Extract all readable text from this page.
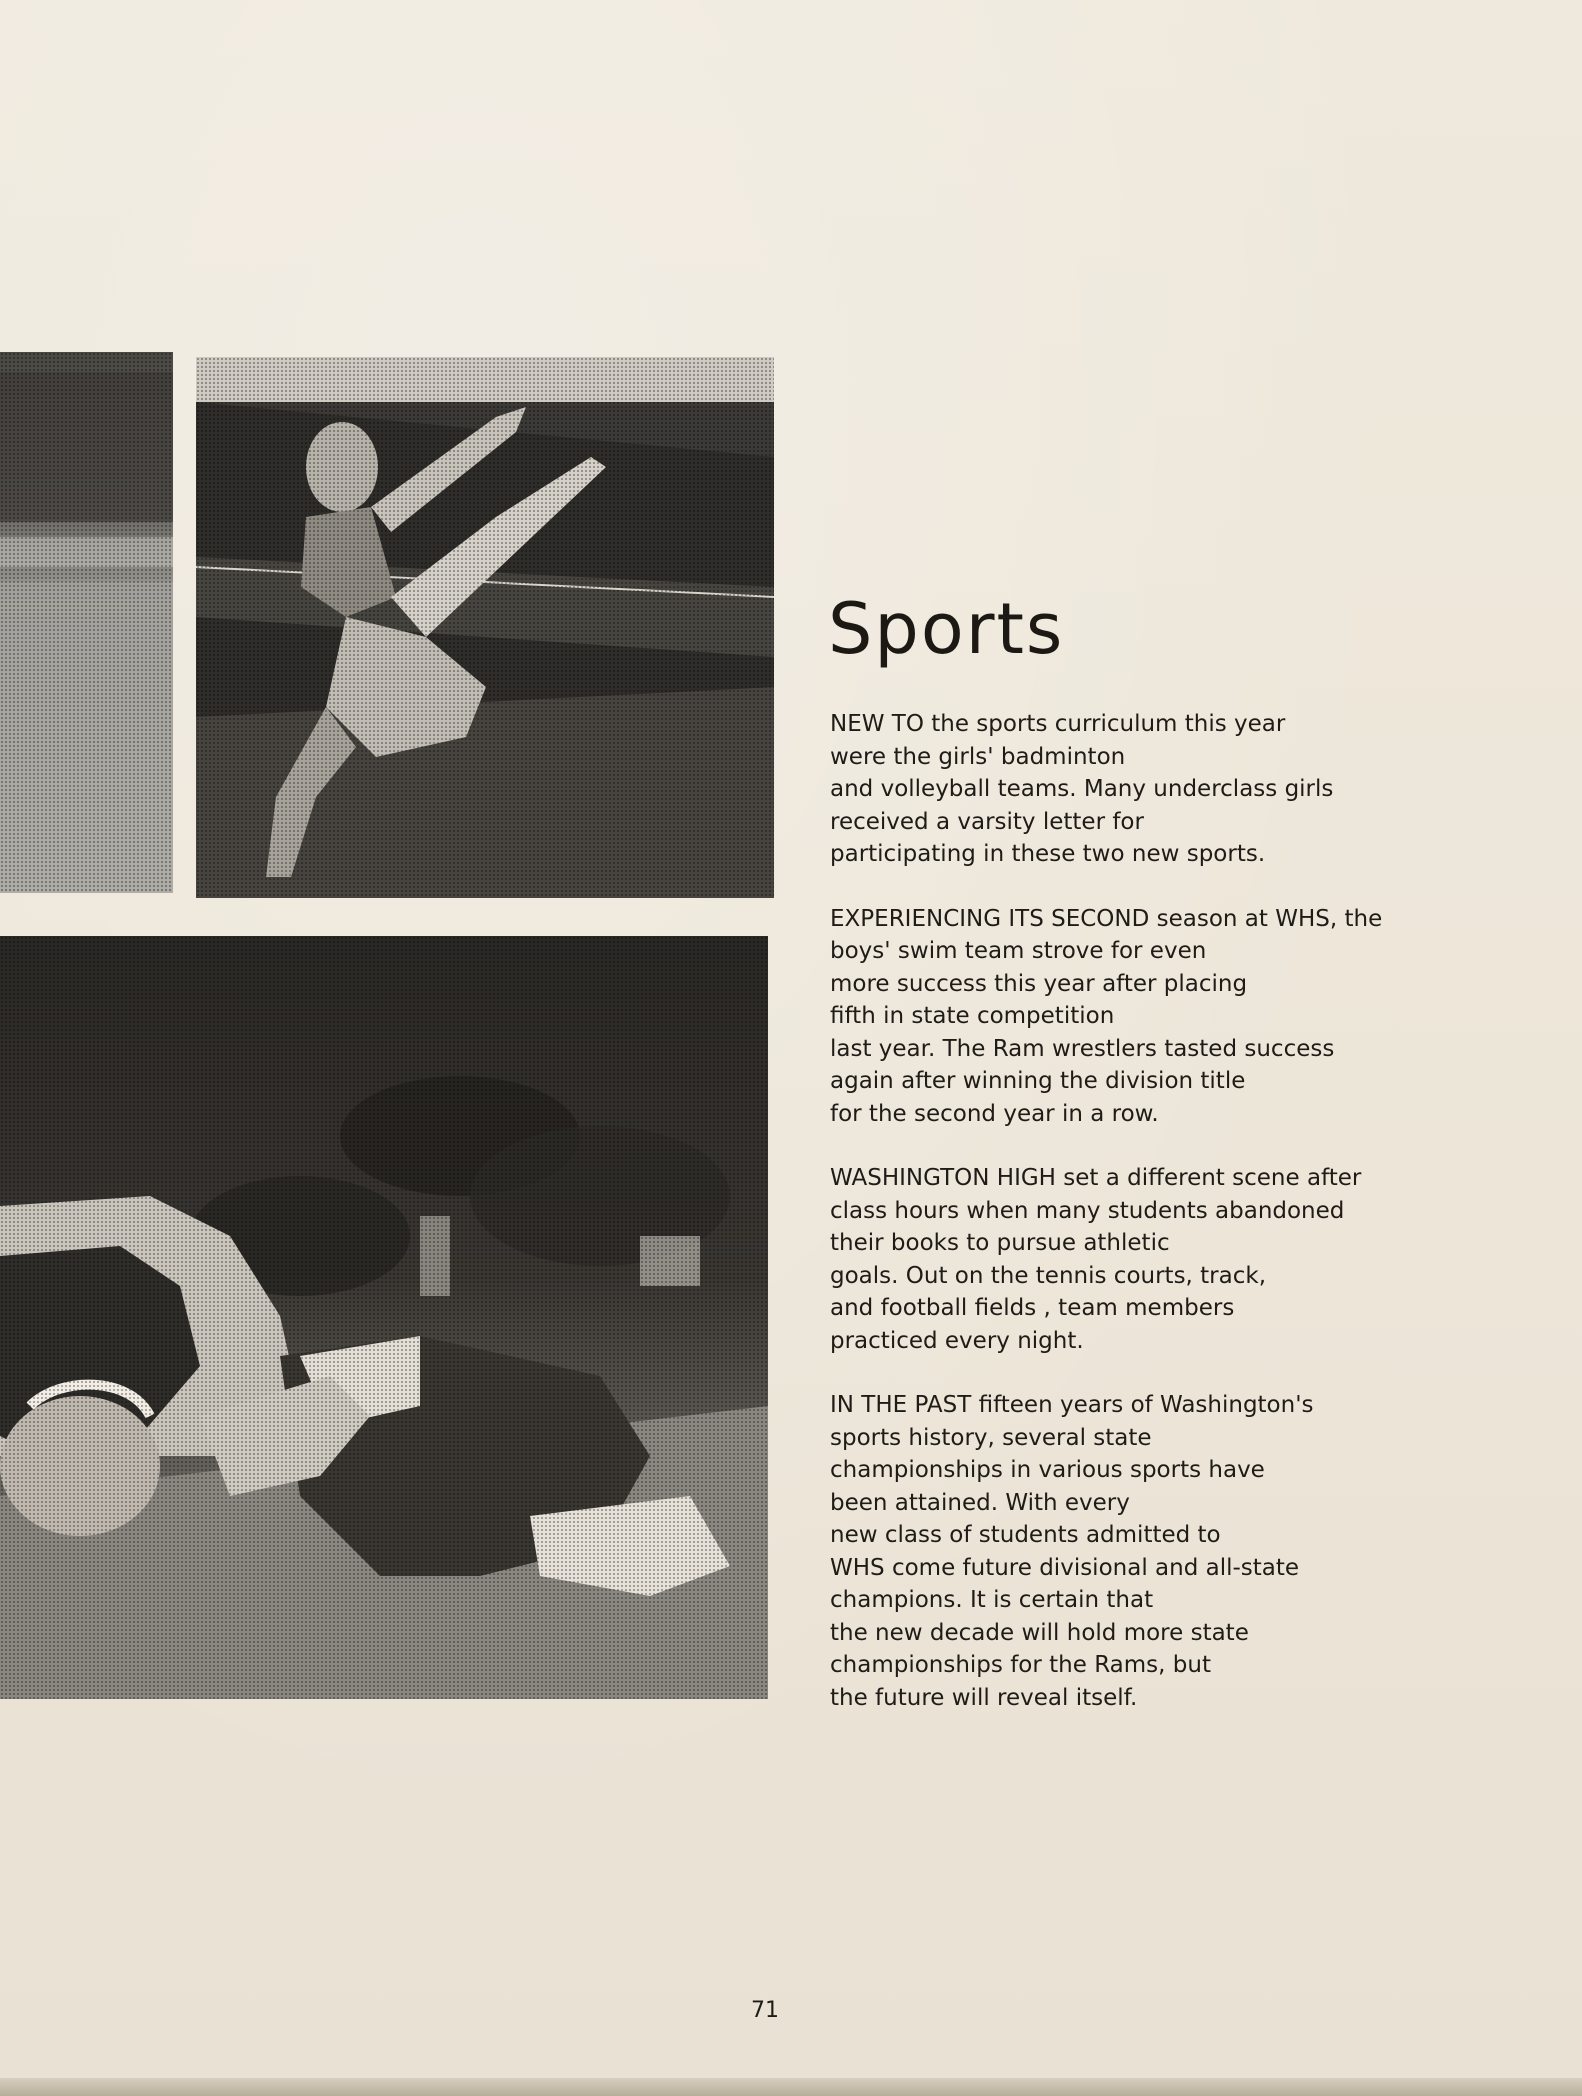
Sports

NEW TO the sports curriculum this year
were the girls' badminton
and volleyball teams. Many underclass girls
received a varsity letter for
participating in these two new sports.

EXPERIENCING ITS SECOND season at WHS, the
boys' swim team strove for even
more success this year after placing
fifth in state competition
last year. The Ram wrestlers tasted success
again after winning the division title
for the second year in a row.

WASHINGTON HIGH set a different scene after
class hours when many students abandoned
their books to pursue athletic
goals. Out on the tennis courts, track,
and football fields , team members
practiced every night.

IN THE PAST fifteen years of Washington's
sports history, several state
championships in various sports have
been attained. With every
new class of students admitted to
WHS come future divisional and all-state
champions. It is certain that
the new decade will hold more state
championships for the Rams, but
the future will reveal itself.

71
